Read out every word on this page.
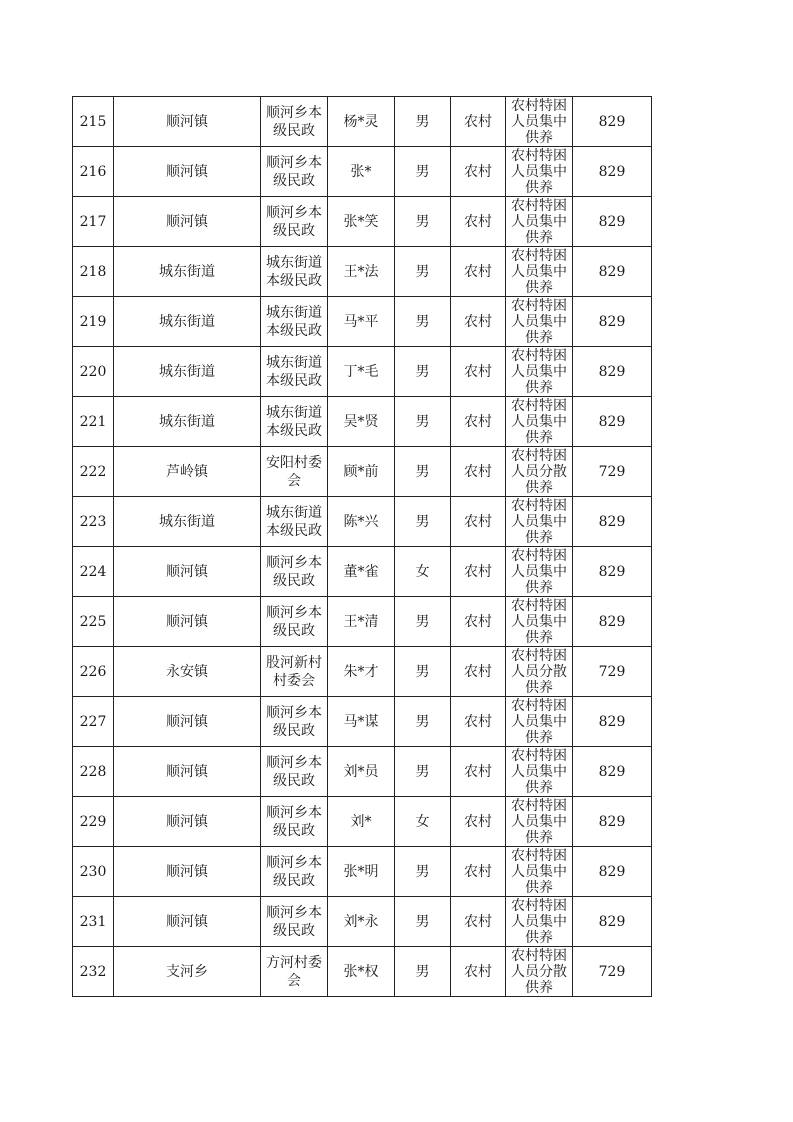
215	顺河镇	顺河乡本级民政	杨*灵	男	农村	农村特困人员集中供养	829
216	顺河镇	顺河乡本级民政	张*	男	农村	农村特困人员集中供养	829
217	顺河镇	顺河乡本级民政	张*笑	男	农村	农村特困人员集中供养	829
218	城东街道	城东街道本级民政	王*法	男	农村	农村特困人员集中供养	829
219	城东街道	城东街道本级民政	马*平	男	农村	农村特困人员集中供养	829
220	城东街道	城东街道本级民政	丁*毛	男	农村	农村特困人员集中供养	829
221	城东街道	城东街道本级民政	吴*贤	男	农村	农村特困人员集中供养	829
222	芦岭镇	安阳村委会	顾*前	男	农村	农村特困人员分散供养	729
223	城东街道	城东街道本级民政	陈*兴	男	农村	农村特困人员集中供养	829
224	顺河镇	顺河乡本级民政	董*雀	女	农村	农村特困人员集中供养	829
225	顺河镇	顺河乡本级民政	王*清	男	农村	农村特困人员集中供养	829
226	永安镇	股河新村村委会	朱*才	男	农村	农村特困人员分散供养	729
227	顺河镇	顺河乡本级民政	马*谋	男	农村	农村特困人员集中供养	829
228	顺河镇	顺河乡本级民政	刘*员	男	农村	农村特困人员集中供养	829
229	顺河镇	顺河乡本级民政	刘*	女	农村	农村特困人员集中供养	829
230	顺河镇	顺河乡本级民政	张*明	男	农村	农村特困人员集中供养	829
231	顺河镇	顺河乡本级民政	刘*永	男	农村	农村特困人员集中供养	829
232	支河乡	方河村委会	张*权	男	农村	农村特困人员分散供养	729
